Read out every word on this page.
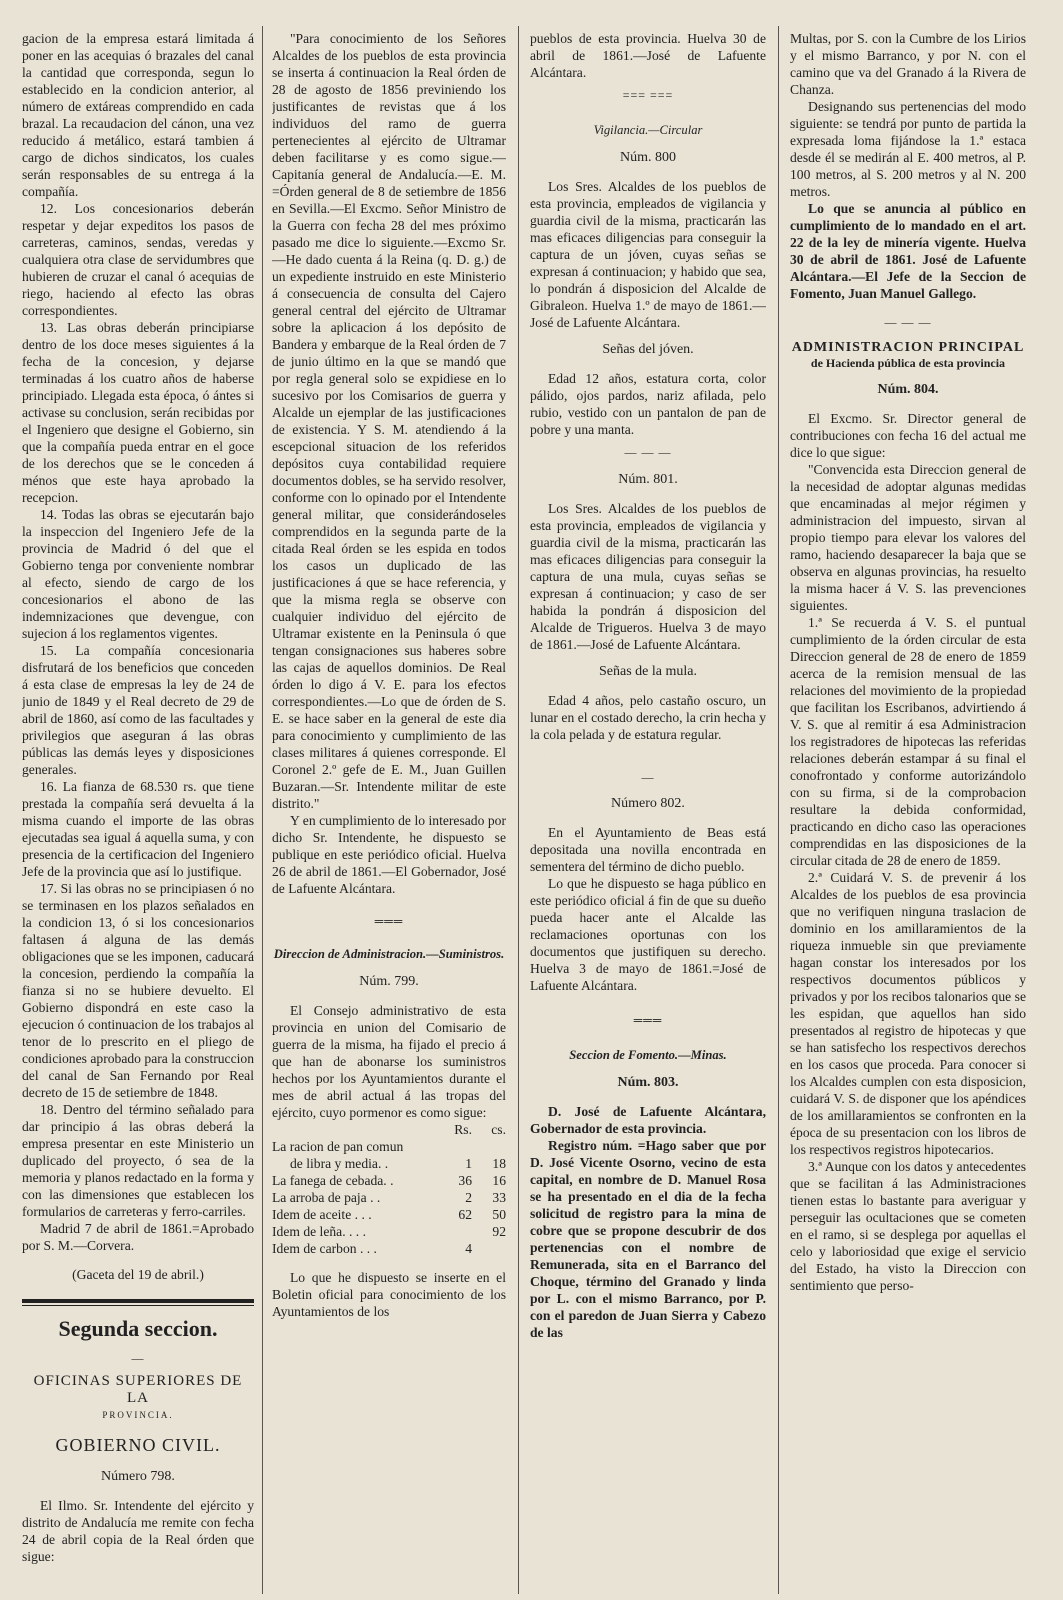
gacion de la empresa estará limitada á poner en las acequias ó brazales del canal la cantidad que corresponda, segun lo establecido en la condicion anterior, al número de extáreas comprendido en cada brazal. La recaudacion del cánon, una vez reducido á metálico, estará tambien á cargo de dichos sindicatos, los cuales serán responsables de su entrega á la compañía.

12. Los concesionarios deberán respetar y dejar expeditos los pasos de carreteras, caminos, sendas, veredas y cualquiera otra clase de servidumbres que hubieren de cruzar el canal ó acequias de riego, haciendo al efecto las obras correspondientes.

13. Las obras deberán principiarse dentro de los doce meses siguientes á la fecha de la concesion, y dejarse terminadas á los cuatro años de haberse principiado. Llegada esta época, ó ántes si activase su conclusion, serán recibidas por el Ingeniero que designe el Gobierno, sin que la compañía pueda entrar en el goce de los derechos que se le conceden á ménos que este haya aprobado la recepcion.

14. Todas las obras se ejecutarán bajo la inspeccion del Ingeniero Jefe de la provincia de Madrid ó del que el Gobierno tenga por conveniente nombrar al efecto, siendo de cargo de los concesionarios el abono de las indemnizaciones que devengue, con sujecion á los reglamentos vigentes.

15. La compañía concesionaria disfrutará de los beneficios que conceden á esta clase de empresas la ley de 24 de junio de 1849 y el Real decreto de 29 de abril de 1860, así como de las facultades y privilegios que aseguran á las obras públicas las demás leyes y disposiciones generales.

16. La fianza de 68.530 rs. que tiene prestada la compañía será devuelta á la misma cuando el importe de las obras ejecutadas sea igual á aquella suma, y con presencia de la certificacion del Ingeniero Jefe de la provincia que así lo justifique.

17. Si las obras no se principiasen ó no se terminasen en los plazos señalados en la condicion 13, ó si los concesionarios faltasen á alguna de las demás obligaciones que se les imponen, caducará la concesion, perdiendo la compañía la fianza si no se hubiere devuelto. El Gobierno dispondrá en este caso la ejecucion ó continuacion de los trabajos al tenor de lo prescrito en el pliego de condiciones aprobado para la construccion del canal de San Fernando por Real decreto de 15 de setiembre de 1848.

18. Dentro del término señalado para dar principio á las obras deberá la empresa presentar en este Ministerio un duplicado del proyecto, ó sea de la memoria y planos redactado en la forma y con las dimensiones que establecen los formularios de carreteras y ferro-carriles.

Madrid 7 de abril de 1861.=Aprobado por S. M.—Corvera.

(Gaceta del 19 de abril.)

Segunda seccion.
—
OFICINAS SUPERIORES DE LA
PROVINCIA.
GOBIERNO CIVIL.
Número 798.

El Ilmo. Sr. Intendente del ejército y distrito de Andalucía me remite con fecha 24 de abril copia de la Real órden que sigue:

"Para conocimiento de los Señores Alcaldes de los pueblos de esta provincia se inserta á continuacion la Real órden de 28 de agosto de 1856 previniendo los justificantes de revistas que á los individuos del ramo de guerra pertenecientes al ejército de Ultramar deben facilitarse y es como sigue.—Capitanía general de Andalucía.—E. M. =Órden general de 8 de setiembre de 1856 en Sevilla.—El Excmo. Señor Ministro de la Guerra con fecha 28 del mes próximo pasado me dice lo siguiente.—Excmo Sr.—He dado cuenta á la Reina (q. D. g.) de un expediente instruido en este Ministerio á consecuencia de consulta del Cajero general central del ejército de Ultramar sobre la aplicacion á los depósito de Bandera y embarque de la Real órden de 7 de junio último en la que se mandó que por regla general solo se expidiese en lo sucesivo por los Comisarios de guerra y Alcalde un ejemplar de las justificaciones de existencia. Y S. M. atendiendo á la escepcional situacion de los referidos depósitos cuya contabilidad requiere documentos dobles, se ha servido resolver, conforme con lo opinado por el Intendente general militar, que considerándoseles comprendidos en la segunda parte de la citada Real órden se les espida en todos los casos un duplicado de las justificaciones á que se hace referencia, y que la misma regla se observe con cualquier individuo del ejército de Ultramar existente en la Peninsula ó que tengan consignaciones sus haberes sobre las cajas de aquellos dominios. De Real órden lo digo á V. E. para los efectos correspondientes.—Lo que de órden de S. E. se hace saber en la general de este dia para conocimiento y cumplimiento de las clases militares á quienes corresponde. El Coronel 2.º gefe de E. M., Juan Guillen Buzaran.—Sr. Intendente militar de este distrito."

Y en cumplimiento de lo interesado por dicho Sr. Intendente, he dispuesto se publique en este periódico oficial. Huelva 26 de abril de 1861.—El Gobernador, José de Lafuente Alcántara.

═══
Direccion de Administracion.—Suministros.
Núm. 799.

El Consejo administrativo de esta provincia en union del Comisario de guerra de la misma, ha fijado el precio á que han de abonarse los suministros hechos por los Ayuntamientos durante el mes de abril actual á las tropas del ejército, cuyo pormenor es como sigue:

	Rs.	cs.
La racion de pan comun		
de libra y media. .	1	18
La fanega de cebada. .	36	16
La arroba de paja . .	2	33
Idem de aceite . . .	62	50
Idem de leña. . . .		92
Idem de carbon . . .	4	

Lo que he dispuesto se inserte en el Boletin oficial para conocimiento de los Ayuntamientos de los

pueblos de esta provincia. Huelva 30 de abril de 1861.—José de Lafuente Alcántara.

=== ===
Vigilancia.—Circular
Núm. 800

Los Sres. Alcaldes de los pueblos de esta provincia, empleados de vigilancia y guardia civil de la misma, practicarán las mas eficaces diligencias para conseguir la captura de un jóven, cuyas señas se expresan á continuacion; y habido que sea, lo pondrán á disposicion del Alcalde de Gibraleon. Huelva 1.º de mayo de 1861.—José de Lafuente Alcántara.

Señas del jóven.

Edad 12 años, estatura corta, color pálido, ojos pardos, nariz afilada, pelo rubio, vestido con un pantalon de pan de pobre y una manta.

— — —
Núm. 801.

Los Sres. Alcaldes de los pueblos de esta provincia, empleados de vigilancia y guardia civil de la misma, practicarán las mas eficaces diligencias para conseguir la captura de una mula, cuyas señas se expresan á continuacion; y caso de ser habida la pondrán á disposicion del Alcalde de Trigueros. Huelva 3 de mayo de 1861.—José de Lafuente Alcántara.

Señas de la mula.

Edad 4 años, pelo castaño oscuro, un lunar en el costado derecho, la crin hecha y la cola pelada y de estatura regular.

—
Número 802.

En el Ayuntamiento de Beas está depositada una novilla encontrada en sementera del término de dicho pueblo.

Lo que he dispuesto se haga público en este periódico oficial á fin de que su dueño pueda hacer ante el Alcalde las reclamaciones oportunas con los documentos que justifiquen su derecho. Huelva 3 de mayo de 1861.=José de Lafuente Alcántara.

═══
Seccion de Fomento.—Minas.
Núm. 803.

D. José de Lafuente Alcántara, Gobernador de esta provincia.

Registro núm. =Hago saber que por D. José Vicente Osorno, vecino de esta capital, en nombre de D. Manuel Rosa se ha presentado en el dia de la fecha solicitud de registro para la mina de cobre que se propone descubrir de dos pertenencias con el nombre de Remunerada, sita en el Barranco del Choque, término del Granado y linda por L. con el mismo Barranco, por P. con el paredon de Juan Sierra y Cabezo de las

Multas, por S. con la Cumbre de los Lirios y el mismo Barranco, y por N. con el camino que va del Granado á la Rivera de Chanza.

Designando sus pertenencias del modo siguiente: se tendrá por punto de partida la expresada loma fijándose la 1.ª estaca desde él se medirán al E. 400 metros, al P. 100 metros, al S. 200 metros y al N. 200 metros.

Lo que se anuncia al público en cumplimiento de lo mandado en el art. 22 de la ley de minería vigente. Huelva 30 de abril de 1861. José de Lafuente Alcántara.—El Jefe de la Seccion de Fomento, Juan Manuel Gallego.

— — —
ADMINISTRACION PRINCIPAL
de Hacienda pública de esta provincia
Núm. 804.

El Excmo. Sr. Director general de contribuciones con fecha 16 del actual me dice lo que sigue:

"Convencida esta Direccion general de la necesidad de adoptar algunas medidas que encaminadas al mejor régimen y administracion del impuesto, sirvan al propio tiempo para elevar los valores del ramo, haciendo desaparecer la baja que se observa en algunas provincias, ha resuelto la misma hacer á V. S. las prevenciones siguientes.

1.ª Se recuerda á V. S. el puntual cumplimiento de la órden circular de esta Direccion general de 28 de enero de 1859 acerca de la remision mensual de las relaciones del movimiento de la propiedad que facilitan los Escribanos, advirtiendo á V. S. que al remitir á esa Administracion los registradores de hipotecas las referidas relaciones deberán estampar á su final el conofrontado y conforme autorizándolo con su firma, si de la comprobacion resultare la debida conformidad, practicando en dicho caso las operaciones comprendidas en las disposiciones de la circular citada de 28 de enero de 1859.

2.ª Cuidará V. S. de prevenir á los Alcaldes de los pueblos de esa provincia que no verifiquen ninguna traslacion de dominio en los amillaramientos de la riqueza inmueble sin que previamente hagan constar los interesados por los respectivos documentos públicos y privados y por los recibos talonarios que se les espidan, que aquellos han sido presentados al registro de hipotecas y que se han satisfecho los respectivos derechos en los casos que proceda. Para conocer si los Alcaldes cumplen con esta disposicion, cuidará V. S. de disponer que los apéndices de los amillaramientos se confronten en la época de su presentacion con los libros de los respectivos registros hipotecarios.

3.ª Aunque con los datos y antecedentes que se facilitan á las Administraciones tienen estas lo bastante para averiguar y perseguir las ocultaciones que se cometen en el ramo, si se desplega por aquellas el celo y laboriosidad que exige el servicio del Estado, ha visto la Direccion con sentimiento que perso-
